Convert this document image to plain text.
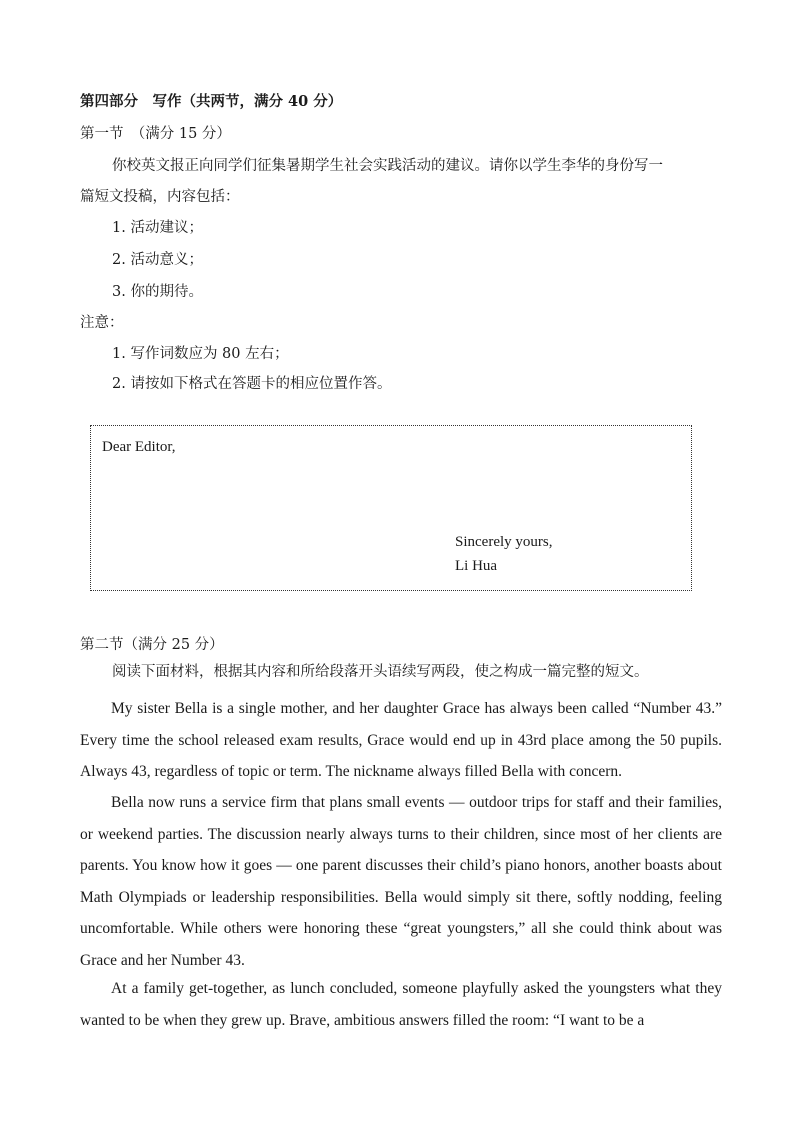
第四部分　写作（共两节，满分 40 分）
第一节　（满分 15 分）
你校英文报正向同学们征集暑期学生社会实践活动的建议。请你以学生李华的身份写一
篇短文投稿，内容包括：
1. 活动建议；
2. 活动意义；
3. 你的期待。
注意：
1. 写作词数应为 80 左右；
2. 请按如下格式在答题卡的相应位置作答。
Dear Editor,
Sincerely yours,
Li Hua
第二节（满分 25 分）
阅读下面材料，根据其内容和所给段落开头语续写两段，使之构成一篇完整的短文。
My sister Bella is a single mother, and her daughter Grace has always been called “Number 43.” Every time the school released exam results, Grace would end up in 43rd place among the 50 pupils. Always 43, regardless of topic or term. The nickname always filled Bella with concern.
Bella now runs a service firm that plans small events — outdoor trips for staff and their families, or weekend parties. The discussion nearly always turns to their children, since most of her clients are parents. You know how it goes — one parent discusses their child’s piano honors, another boasts about Math Olympiads or leadership responsibilities. Bella would simply sit there, softly nodding, feeling uncomfortable. While others were honoring these “great youngsters,” all she could think about was Grace and her Number 43.
At a family get-together, as lunch concluded, someone playfully asked the youngsters what they wanted to be when they grew up. Brave, ambitious answers filled the room: “I want to be a
